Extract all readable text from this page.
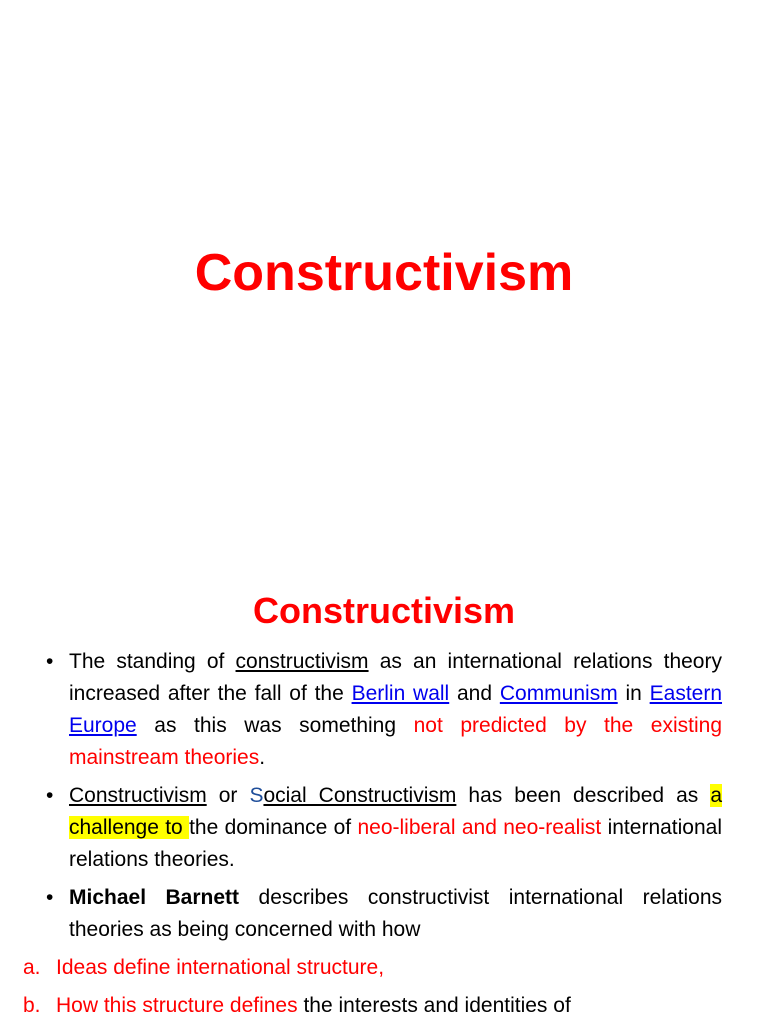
Constructivism
Constructivism
• The standing of constructivism as an international relations theory increased after the fall of the Berlin wall and Communism in Eastern Europe as this was something not predicted by the existing mainstream theories.
• Constructivism or Social Constructivism has been described as a challenge to the dominance of neo-liberal and neo-realist international relations theories.
• Michael Barnett describes constructivist international relations theories as being concerned with how
a. Ideas define international structure,
b. How this structure defines the interests and identities of
